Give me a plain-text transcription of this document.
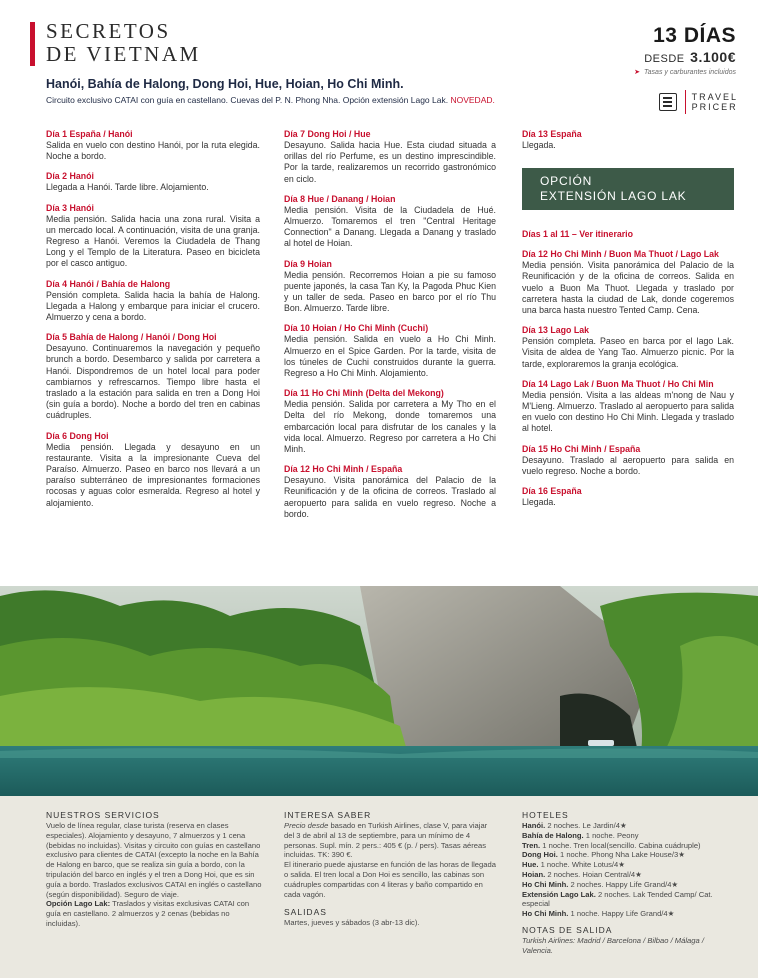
SECRETOS
DE VIETNAM
13 DÍAS
DESDE 3.100€
➤ Tasas y carburantes incluidos
Hanói, Bahía de Halong, Dong Hoi, Hue, Hoian, Ho Chi Minh.
Circuito exclusivo CATAI con guía en castellano. Cuevas del P. N. Phong Nha. Opción extensión Lago Lak. NOVEDAD.	TRAVEL
PRICER
Día 1 España / Hanói
Salida en vuelo con destino Hanói, por la ruta elegida. Noche a bordo.
Día 2 Hanói
Llegada a Hanói. Tarde libre. Alojamiento.
Día 3 Hanói
Media pensión. Salida hacia una zona rural. Visita a un mercado local. A continuación, visita de una granja. Regreso a Hanói. Veremos la Ciudadela de Thang Long y el Templo de la Literatura. Paseo en bicicleta por el casco antiguo.
Día 4 Hanói / Bahía de Halong
Pensión completa. Salida hacia la bahía de Halong. Llegada a Halong y embarque para iniciar el crucero. Almuerzo y cena a bordo.
Día 5 Bahía de Halong / Hanói / Dong Hoi
Desayuno. Continuaremos la navegación y pequeño brunch a bordo. Desembarco y salida por carretera a Hanói. Dispondremos de un hotel local para poder cambiarnos y refrescarnos. Tiempo libre hasta el traslado a la estación para salida en tren a Dong Hoi (sin guía a bordo). Noche a bordo del tren en cabinas cuádruples.
Día 6 Dong Hoi
Media pensión. Llegada y desayuno en un restaurante. Visita a la impresionante Cueva del Paraíso. Almuerzo. Paseo en barco nos llevará a un paraíso subterráneo de impresionantes formaciones rocosas y aguas color esmeralda. Regreso al hotel y alojamiento.
Día 7 Dong Hoi / Hue
Desayuno. Salida hacia Hue. Esta ciudad situada a orillas del río Perfume, es un destino imprescindible. Por la tarde, realizaremos un recorrido gastronómico en ciclo.
Día 8 Hue / Danang / Hoian
Media pensión. Visita de la Ciudadela de Hué. Almuerzo. Tomaremos el tren "Central Heritage Connection" a Danang. Llegada a Danang y traslado al hotel de Hoian.
Día 9 Hoian
Media pensión. Recorremos Hoian a pie su famoso puente japonés, la casa Tan Ky, la Pagoda Phuc Kien y un taller de seda. Paseo en barco por el río Thu Bon. Almuerzo. Tarde libre.
Día 10 Hoian / Ho Chi Minh (Cuchi)
Media pensión. Salida en vuelo a Ho Chi Minh. Almuerzo en el Spice Garden. Por la tarde, visita de los túneles de Cuchi construidos durante la guerra. Regreso a Ho Chi Minh. Alojamiento.
Día 11 Ho Chi Minh (Delta del Mekong)
Media pensión. Salida por carretera a My Tho en el Delta del río Mekong, donde tomaremos una embarcación local para disfrutar de los canales y la vida local. Almuerzo. Regreso por carretera a Ho Chi Minh.
Día 12 Ho Chi Minh / España
Desayuno. Visita panorámica del Palacio de la Reunificación y de la oficina de correos. Traslado al aeropuerto para salida en vuelo regreso. Noche a bordo.
Día 13 España
Llegada.
OPCIÓN
EXTENSIÓN LAGO LAK
Días 1 al 11 – Ver itinerario
Día 12 Ho Chi Minh / Buon Ma Thuot / Lago Lak
Media pensión. Visita panorámica del Palacio de la Reunificación y de la oficina de correos. Salida en vuelo a Buon Ma Thuot. Llegada y traslado por carretera hasta la ciudad de Lak, donde cogeremos una barca hasta nuestro Tented Camp. Cena.
Día 13 Lago Lak
Pensión completa. Paseo en barca por el lago Lak. Visita de aldea de Yang Tao. Almuerzo picnic. Por la tarde, exploraremos la granja ecológica.
Día 14 Lago Lak / Buon Ma Thuot / Ho Chi Min
Media pensión. Visita a las aldeas m'nong de Nau y M'Lieng. Almuerzo. Traslado al aeropuerto para salida en vuelo con destino Ho Chi Minh. Llegada y traslado al hotel.
Día 15 Ho Chi Minh / España
Desayuno. Traslado al aeropuerto para salida en vuelo regreso. Noche a bordo.
Día 16 España
Llegada.
NUESTROS SERVICIOS
Vuelo de línea regular, clase turista (reserva en clases especiales). Alojamiento y desayuno, 7 almuerzos y 1 cena (bebidas no incluidas). Visitas y circuito con guías en castellano exclusivo para clientes de CATAI (excepto la noche en la Bahía de Halong en barco, que se realiza sin guía a bordo, con la tripulación del barco en inglés y el tren a Dong Hoi, que es sin guía a bordo. Traslados exclusivos CATAI en inglés o castellano (según disponibilidad). Seguro de viaje.
Opción Lago Lak: Traslados y visitas exclusivas CATAI con guía en castellano. 2 almuerzos y 2 cenas (bebidas no incluidas).
INTERESA SABER
Precio desde basado en Turkish Airlines, clase V, para viajar del 3 de abril al 13 de septiembre, para un mínimo de 4 personas. Supl. mín. 2 pers.: 405 € (p. / pers). Tasas aéreas incluidas. TK: 390 €.
El itinerario puede ajustarse en función de las horas de llegada o salida. El tren local a Don Hoi es sencillo, las cabinas son cuádruples compartidas con 4 literas y baño compartido en cada vagón.
SALIDAS
Martes, jueves y sábados (3 abr-13 dic).
HOTELES
Hanói. 2 noches. Le Jardin/4★
Bahía de Halong. 1 noche. Peony
Tren. 1 noche. Tren local(sencillo. Cabina cuádruple)
Dong Hoi. 1 noche. Phong Nha Lake House/3★
Hue. 1 noche. White Lotus/4★
Hoian. 2 noches. Hoian Central/4★
Ho Chi Minh. 2 noches. Happy Life Grand/4★
Extensión Lago Lak. 2 noches. Lak Tended Camp/ Cat. especial
Ho Chi Minh. 1 noche. Happy Life Grand/4★
NOTAS DE SALIDA
Turkish Airlines: Madrid / Barcelona / Bilbao / Málaga / Valencia.
